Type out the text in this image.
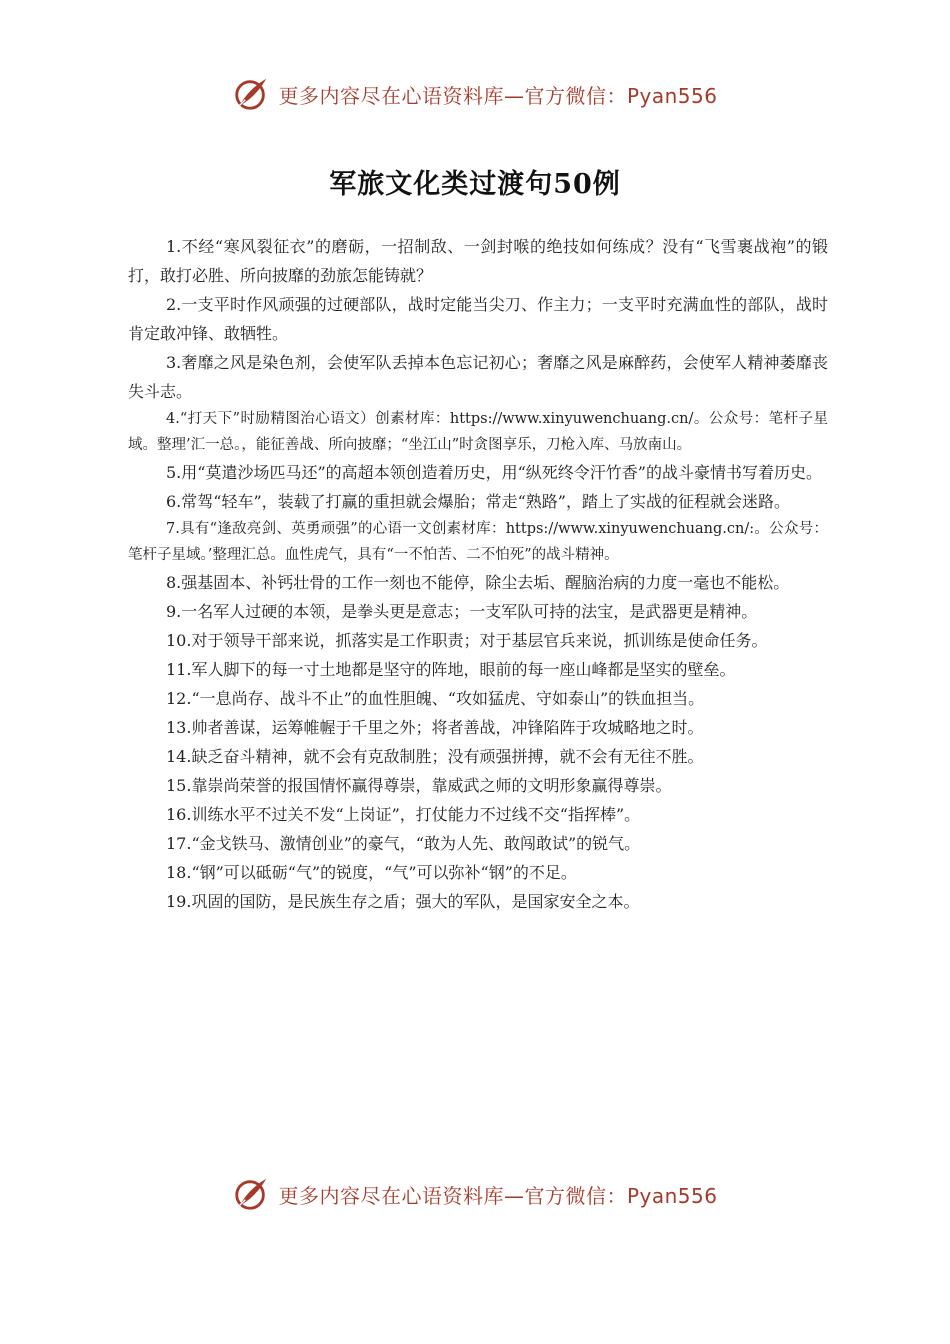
更多内容尽在心语资料库—官方微信：Pyan556
军旅文化类过渡句50例

1.不经“寒风裂征衣”的磨砺，一招制敌、一剑封喉的绝技如何练成？没有“飞雪裹战袍”的锻打，敢打必胜、所向披靡的劲旅怎能铸就？

2.一支平时作风顽强的过硬部队，战时定能当尖刀、作主力；一支平时充满血性的部队，战时肯定敢冲锋、敢牺牲。

3.奢靡之风是染色剂，会使军队丢掉本色忘记初心；奢靡之风是麻醉药，会使军人精神萎靡丧失斗志。

4.“打天下”时励精图治心语文）创素材库：https://www.xinyuwenchuang.cn/。公众号：笔杆子星域。整理’汇一总。，能征善战、所向披靡；“坐江山”时贪图享乐，刀枪入库、马放南山。

5.用“莫遣沙场匹马还”的高超本领创造着历史，用“纵死终令汗竹香”的战斗豪情书写着历史。

6.常驾“轻车”，装载了打赢的重担就会爆胎；常走“熟路”，踏上了实战的征程就会迷路。

7.具有“逢敌亮剑、英勇顽强”的心语一文创素材库：https://www.xinyuwenchuang.cn/:。公众号：笔杆子星域。’整理汇总。血性虎气，具有“一不怕苦、二不怕死”的战斗精神。

8.强基固本、补钙壮骨的工作一刻也不能停，除尘去垢、醒脑治病的力度一毫也不能松。

9.一名军人过硬的本领，是拳头更是意志；一支军队可持的法宝，是武器更是精神。

10.对于领导干部来说，抓落实是工作职责；对于基层官兵来说，抓训练是使命任务。

11.军人脚下的每一寸土地都是坚守的阵地，眼前的每一座山峰都是坚实的壁垒。

12.“一息尚存、战斗不止”的血性胆魄、“攻如猛虎、守如泰山”的铁血担当。

13.帅者善谋，运筹帷幄于千里之外；将者善战，冲锋陷阵于攻城略地之时。

14.缺乏奋斗精神，就不会有克敌制胜；没有顽强拼搏，就不会有无往不胜。

15.靠崇尚荣誉的报国情怀赢得尊崇，靠威武之师的文明形象赢得尊崇。

16.训练水平不过关不发“上岗证”，打仗能力不过线不交“指挥棒”。

17.“金戈铁马、激情创业”的豪气，“敢为人先、敢闯敢试”的锐气。

18.“钢”可以砥砺“气”的锐度，“气”可以弥补“钢”的不足。

19.巩固的国防，是民族生存之盾；强大的军队，是国家安全之本。

更多内容尽在心语资料库—官方微信：Pyan556
